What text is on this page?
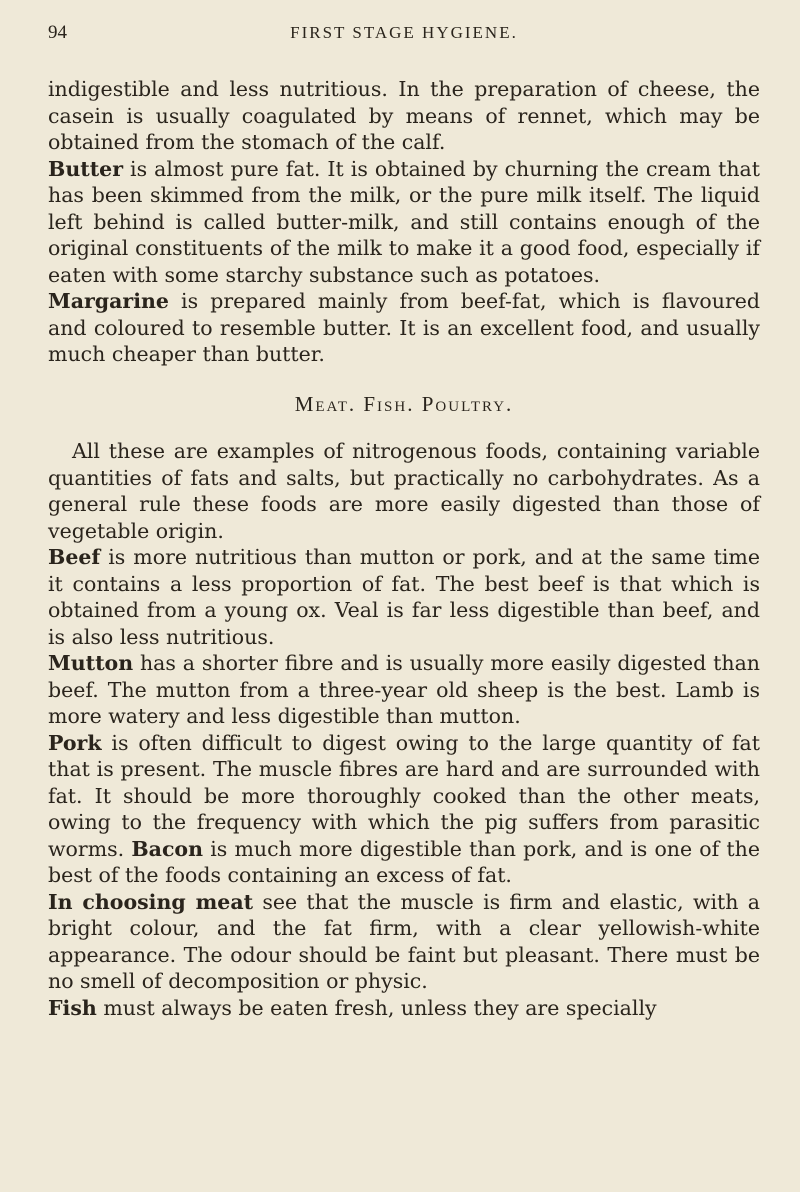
94	FIRST STAGE HYGIENE.

indigestible and less nutritious. In the preparation of cheese, the casein is usually coagulated by means of rennet, which may be obtained from the stomach of the calf.

Butter is almost pure fat. It is obtained by churning the cream that has been skimmed from the milk, or the pure milk itself. The liquid left behind is called butter-milk, and still contains enough of the original constituents of the milk to make it a good food, especially if eaten with some starchy substance such as potatoes.

Margarine is prepared mainly from beef-fat, which is flavoured and coloured to resemble butter. It is an excellent food, and usually much cheaper than butter.

Meat. Fish. Poultry.

All these are examples of nitrogenous foods, containing variable quantities of fats and salts, but practically no carbohydrates. As a general rule these foods are more easily digested than those of vegetable origin.

Beef is more nutritious than mutton or pork, and at the same time it contains a less proportion of fat. The best beef is that which is obtained from a young ox. Veal is far less digestible than beef, and is also less nutritious.

Mutton has a shorter fibre and is usually more easily digested than beef. The mutton from a three-year old sheep is the best. Lamb is more watery and less digestible than mutton.

Pork is often difficult to digest owing to the large quantity of fat that is present. The muscle fibres are hard and are surrounded with fat. It should be more thoroughly cooked than the other meats, owing to the frequency with which the pig suffers from parasitic worms. Bacon is much more digestible than pork, and is one of the best of the foods containing an excess of fat.

In choosing meat see that the muscle is firm and elastic, with a bright colour, and the fat firm, with a clear yellowish-white appearance. The odour should be faint but pleasant. There must be no smell of decomposition or physic.

Fish must always be eaten fresh, unless they are specially
